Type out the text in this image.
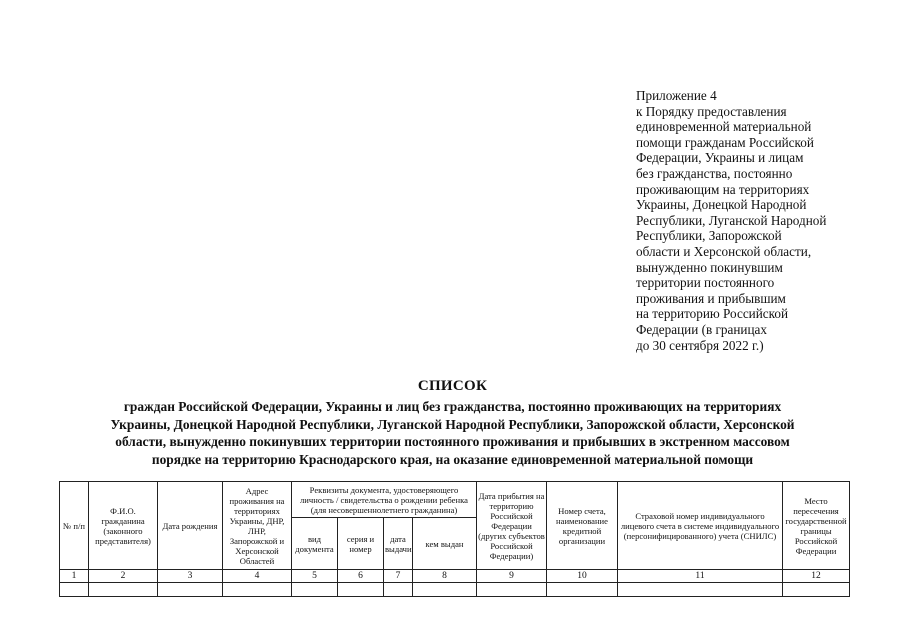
Приложение 4
к Порядку предоставления
единовременной материальной
помощи гражданам Российской
Федерации, Украины и лицам
без гражданства, постоянно
проживающим на территориях
Украины, Донецкой Народной
Республики, Луганской Народной
Республики, Запорожской
области и Херсонской области,
вынужденно покинувшим
территории постоянного
проживания и прибывшим
на территорию Российской
Федерации (в границах
до 30 сентября 2022 г.)
СПИСОК
граждан Российской Федерации, Украины и лиц без гражданства, постоянно проживающих на территориях
Украины, Донецкой Народной Республики, Луганской Народной Республики, Запорожской области, Херсонской
области, вынужденно покинувших территории постоянного проживания и прибывших в экстренном массовом
порядке на территорию Краснодарского края, на оказание единовременной материальной помощи
№ п/п	Ф.И.О. гражданина (законного представителя)	Дата рождения	Адрес проживания на территориях Украины, ДНР, ЛНР, Запорожской и Херсонской Областей	Реквизиты документа, удостоверяющего личность / свидетельства о рождении ребенка (для несовершеннолетнего гражданина)				Дата прибытия на территорию Российской Федерации (других субъектов Российской Федерации)	Номер счета, наименование кредитной организации	Страховой номер индивидуального лицевого счета в системе индивидуального (персонифицированного) учета (СНИЛС)	Место пересечения государственной границы Российской Федерации
				вид документа	серия и номер	дата выдачи	кем выдан				
1	2	3	4	5	6	7	8	9	10	11	12
